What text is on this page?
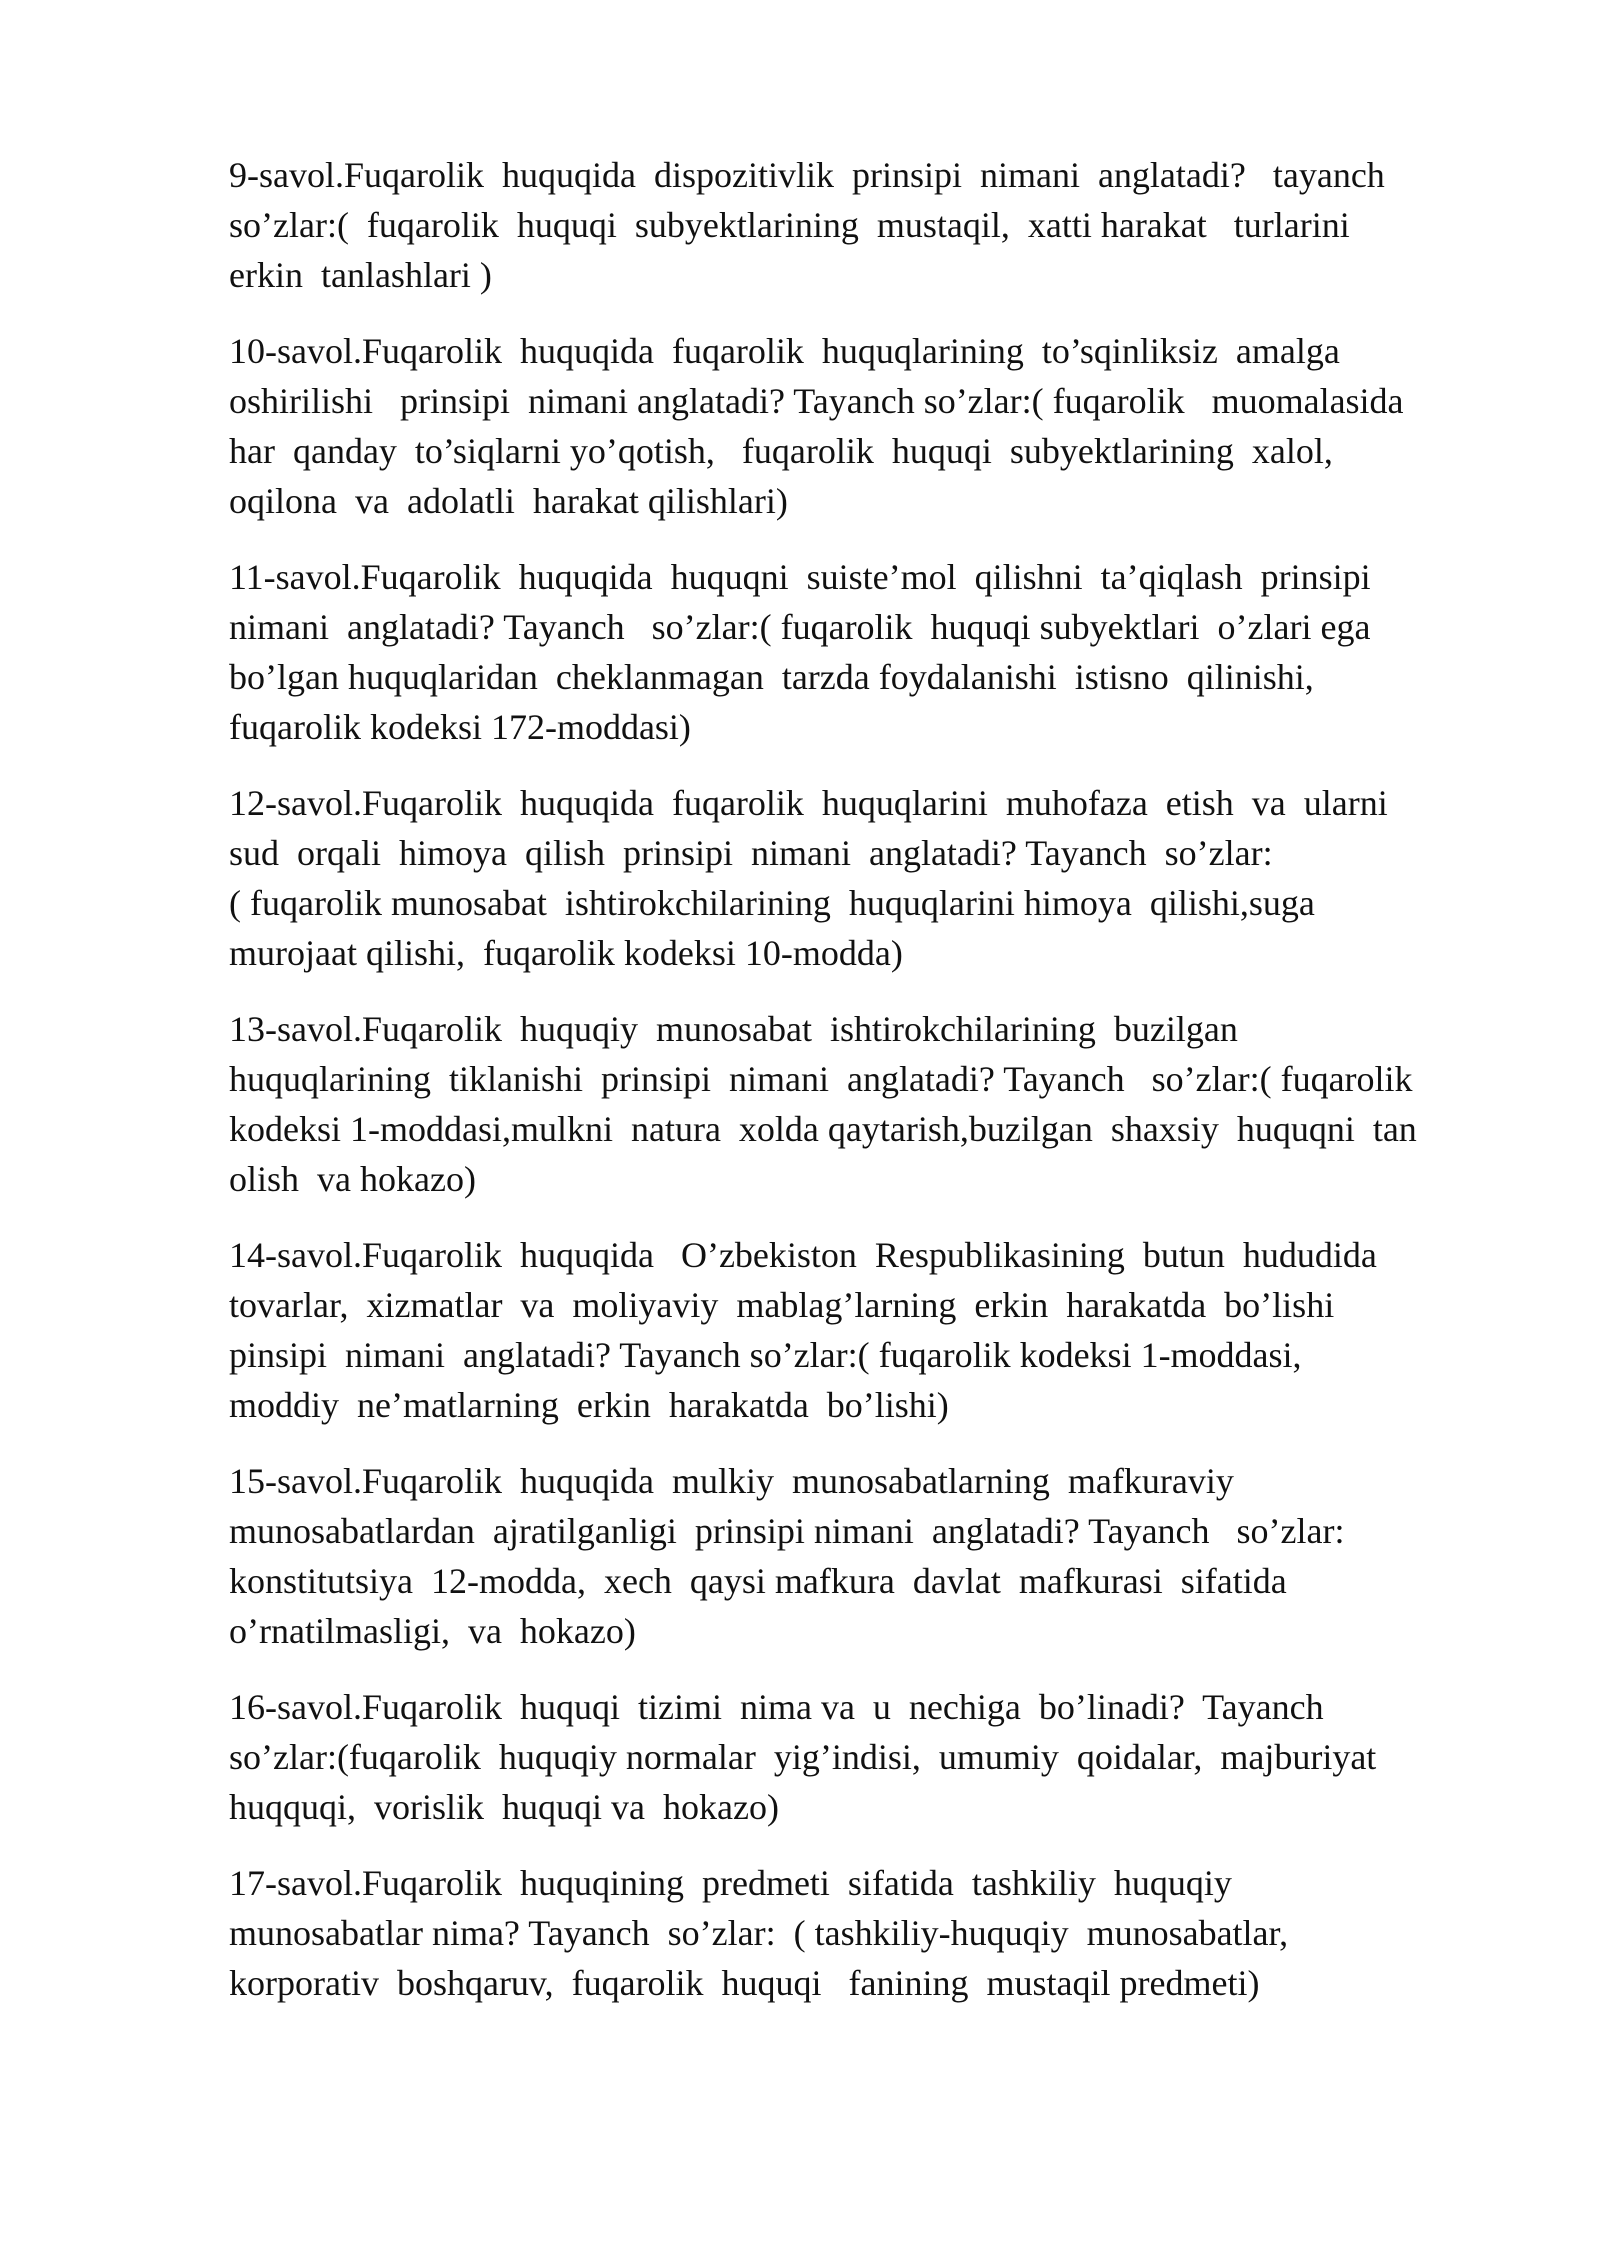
9-savol.Fuqarolik  huquqida  dispozitivlik  prinsipi  nimani  anglatadi?   tayanch
so’zlar:(  fuqarolik  huquqi  subyektlarining  mustaqil,  xatti harakat   turlarini
erkin  tanlashlari )
10-savol.Fuqarolik  huquqida  fuqarolik  huquqlarining  to’sqinliksiz  amalga
oshirilishi   prinsipi  nimani anglatadi? Tayanch so’zlar:( fuqarolik   muomalasida
har  qanday  to’siqlarni yo’qotish,   fuqarolik  huquqi  subyektlarining  xalol,
oqilona  va  adolatli  harakat qilishlari)
11-savol.Fuqarolik  huquqida  huquqni  suiste’mol  qilishni  ta’qiqlash  prinsipi
nimani  anglatadi? Tayanch   so’zlar:( fuqarolik  huquqi subyektlari  o’zlari ega
bo’lgan huquqlaridan  cheklanmagan  tarzda foydalanishi  istisno  qilinishi,
fuqarolik kodeksi 172-moddasi)
12-savol.Fuqarolik  huquqida  fuqarolik  huquqlarini  muhofaza  etish  va  ularni
sud  orqali  himoya  qilish  prinsipi  nimani  anglatadi? Tayanch  so’zlar:
( fuqarolik munosabat  ishtirokchilarining  huquqlarini himoya  qilishi,suga
murojaat qilishi,  fuqarolik kodeksi 10-modda)
13-savol.Fuqarolik  huquqiy  munosabat  ishtirokchilarining  buzilgan
huquqlarining  tiklanishi  prinsipi  nimani  anglatadi? Tayanch   so’zlar:( fuqarolik
kodeksi 1-moddasi,mulkni  natura  xolda qaytarish,buzilgan  shaxsiy  huquqni  tan
olish  va hokazo)
14-savol.Fuqarolik  huquqida   O’zbekiston  Respublikasining  butun  hududida
tovarlar,  xizmatlar  va  moliyaviy  mablag’larning  erkin  harakatda  bo’lishi
pinsipi  nimani  anglatadi? Tayanch so’zlar:( fuqarolik kodeksi 1-moddasi,
moddiy  ne’matlarning  erkin  harakatda  bo’lishi)
15-savol.Fuqarolik  huquqida  mulkiy  munosabatlarning  mafkuraviy
munosabatlardan  ajratilganligi  prinsipi nimani  anglatadi? Tayanch   so’zlar:
konstitutsiya  12-modda,  xech  qaysi mafkura  davlat  mafkurasi  sifatida
o’rnatilmasligi,  va  hokazo)
16-savol.Fuqarolik  huquqi  tizimi  nima va  u  nechiga  bo’linadi?  Tayanch
so’zlar:(fuqarolik  huquqiy normalar  yig’indisi,  umumiy  qoidalar,  majburiyat
huqquqi,  vorislik  huquqi va  hokazo)
17-savol.Fuqarolik  huquqining  predmeti  sifatida  tashkiliy  huquqiy
munosabatlar nima? Tayanch  so’zlar:  ( tashkiliy-huquqiy  munosabatlar,
korporativ  boshqaruv,  fuqarolik  huquqi   fanining  mustaqil predmeti)
